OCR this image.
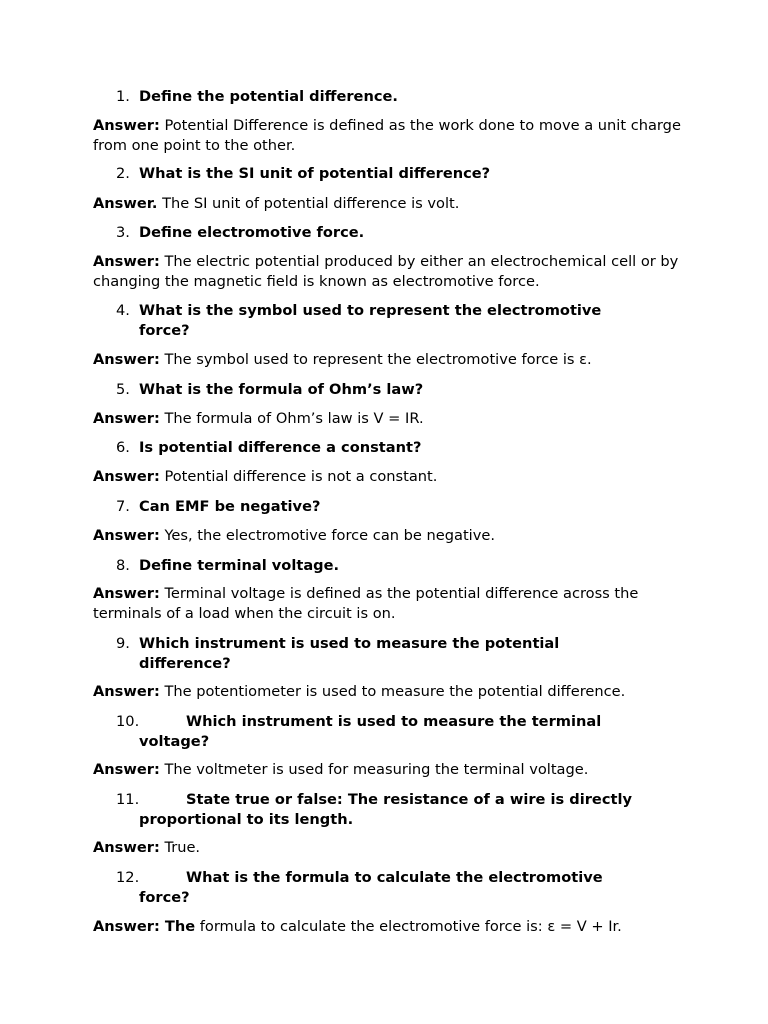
1. Define the potential difference.
Answer: Potential Difference is defined as the work done to move a unit charge from one point to the other.
2. What is the SI unit of potential difference?
Answer. The SI unit of potential difference is volt.
3. Define electromotive force.
Answer: The electric potential produced by either an electrochemical cell or by changing the magnetic field is known as electromotive force.
4. What is the symbol used to represent the electromotive force?
Answer: The symbol used to represent the electromotive force is ε.
5. What is the formula of Ohm’s law?
Answer: The formula of Ohm’s law is V = IR.
6. Is potential difference a constant?
Answer: Potential difference is not a constant.
7. Can EMF be negative?
Answer: Yes, the electromotive force can be negative.
8. Define terminal voltage.
Answer: Terminal voltage is defined as the potential difference across the terminals of a load when the circuit is on.
9. Which instrument is used to measure the potential difference?
Answer: The potentiometer is used to measure the potential difference.
10.	Which instrument is used to measure the terminal voltage?
Answer: The voltmeter is used for measuring the terminal voltage.
11.	State true or false: The resistance of a wire is directly proportional to its length.
Answer: True.
12.	What is the formula to calculate the electromotive force?
Answer: The formula to calculate the electromotive force is: ε = V + Ir.
